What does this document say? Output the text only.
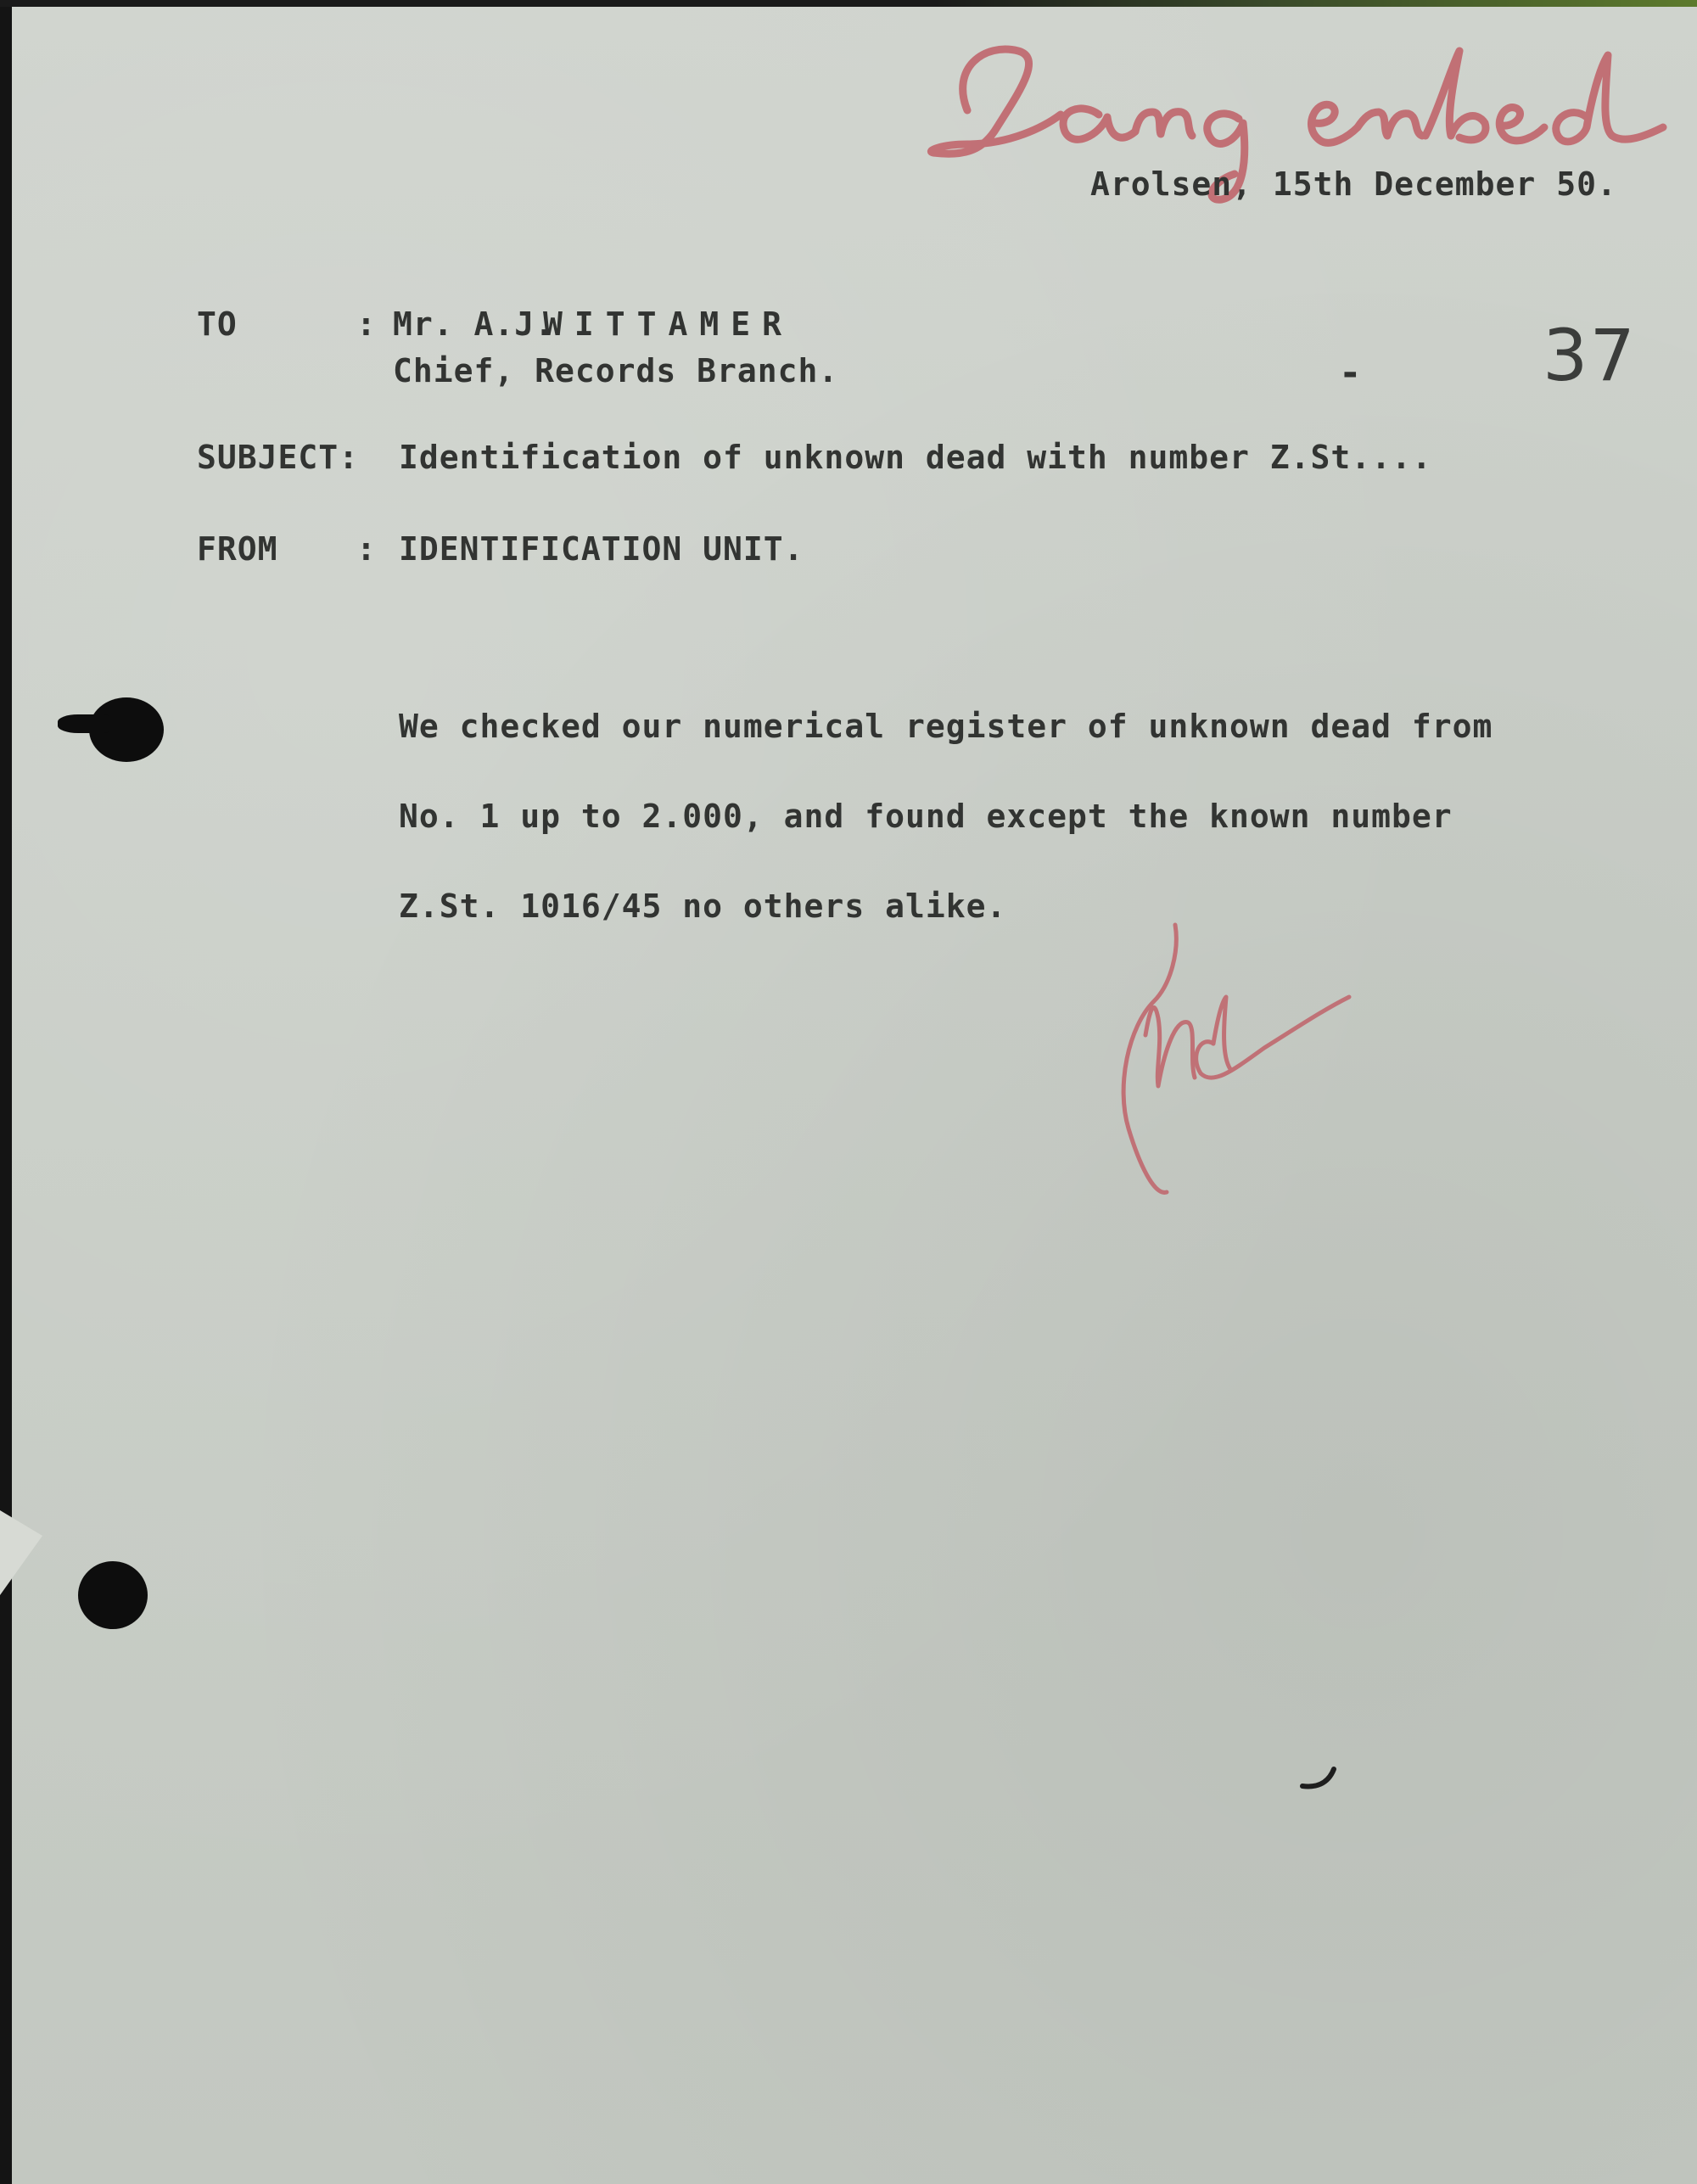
Arolsen, 15th December 50.
TO	: Mr. A.J.
WITTAMER
Chief, Records Branch.	-	37
SUBJECT: Identification of unknown dead with number Z.St....
FROM : IDENTIFICATION UNIT.
We checked our numerical register of unknown dead from
No. 1 up to 2.000, and found except the known number
Z.St. 1016/45 no others alike.
